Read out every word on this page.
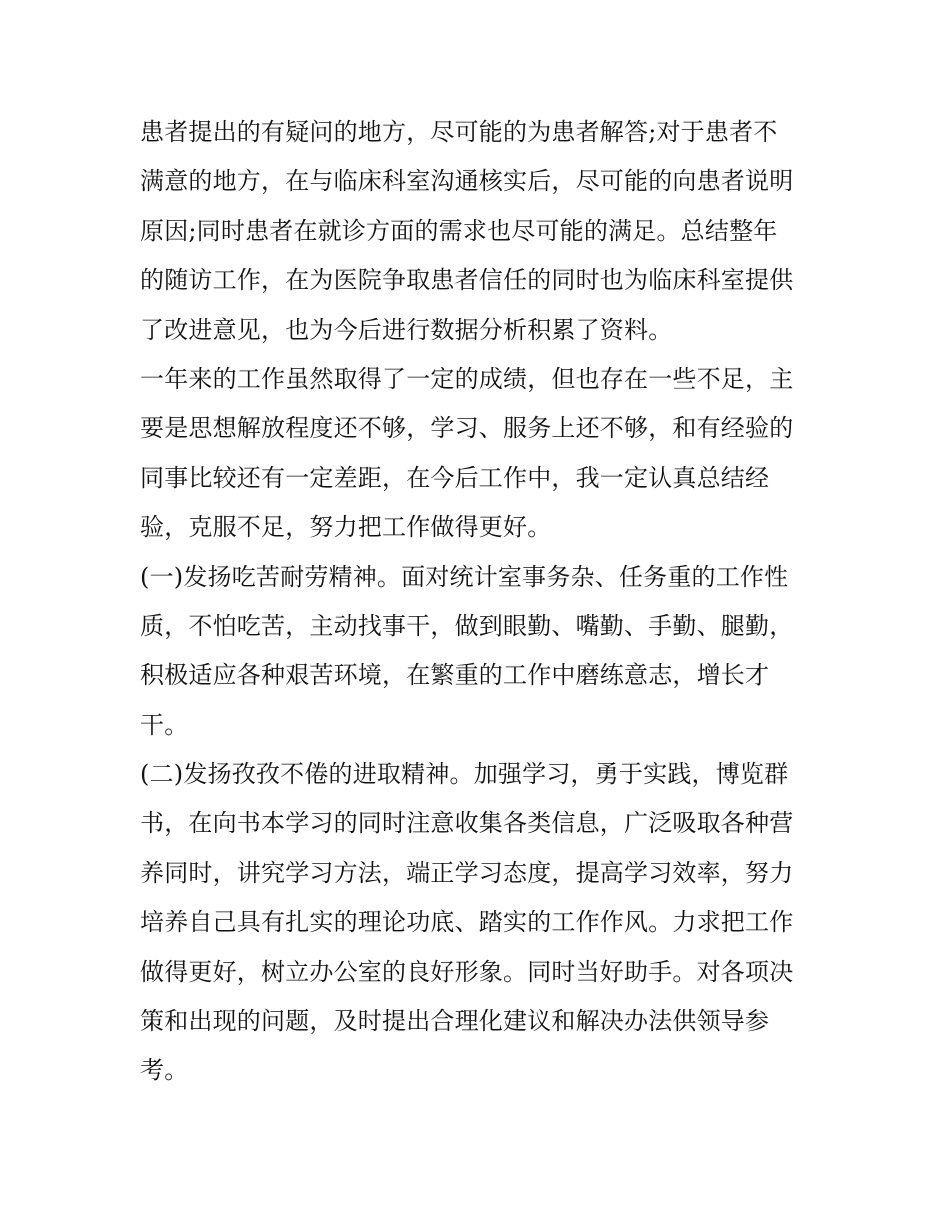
患者提出的有疑问的地方，尽可能的为患者解答;对于患者不
满意的地方，在与临床科室沟通核实后，尽可能的向患者说明
原因;同时患者在就诊方面的需求也尽可能的满足。总结整年
的随访工作，在为医院争取患者信任的同时也为临床科室提供
了改进意见，也为今后进行数据分析积累了资料。
一年来的工作虽然取得了一定的成绩，但也存在一些不足，主
要是思想解放程度还不够，学习、服务上还不够，和有经验的
同事比较还有一定差距，在今后工作中，我一定认真总结经
验，克服不足，努力把工作做得更好。
(一)发扬吃苦耐劳精神。面对统计室事务杂、任务重的工作性
质，不怕吃苦，主动找事干，做到眼勤、嘴勤、手勤、腿勤，
积极适应各种艰苦环境，在繁重的工作中磨练意志，增长才
干。
(二)发扬孜孜不倦的进取精神。加强学习，勇于实践，博览群
书，在向书本学习的同时注意收集各类信息，广泛吸取各种营
养同时，讲究学习方法，端正学习态度，提高学习效率，努力
培养自己具有扎实的理论功底、踏实的工作作风。力求把工作
做得更好，树立办公室的良好形象。同时当好助手。对各项决
策和出现的问题，及时提出合理化建议和解决办法供领导参
考。
